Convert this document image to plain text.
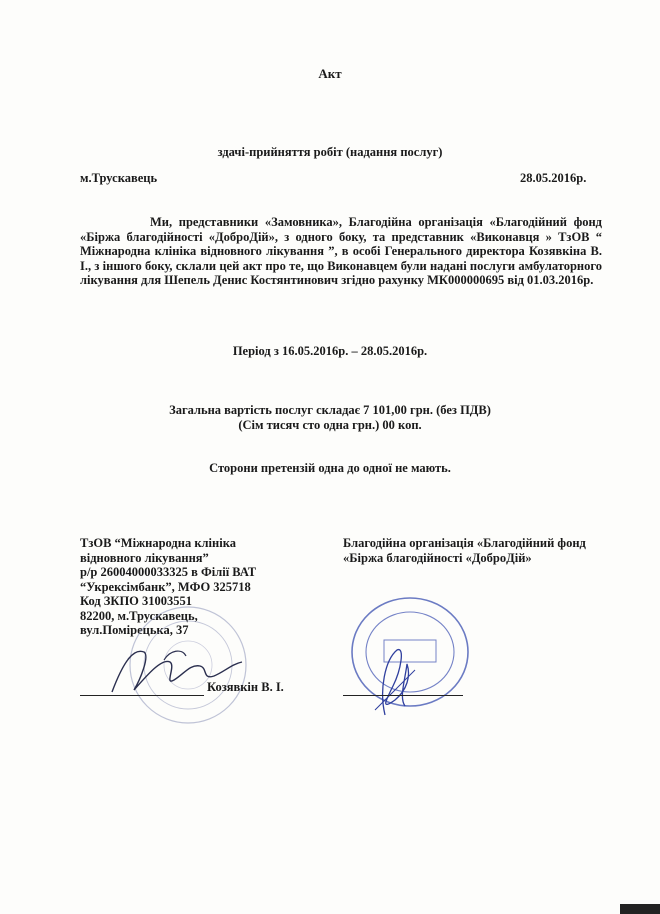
Акт
здачі-прийняття робіт (надання послуг)
м.Трускавець	28.05.2016р.
Ми, представники «Замовника», Благодійна організація «Благодійний фонд «Біржа благодійності «ДоброДій», з одного боку, та представник «Виконавця » ТзОВ “ Міжнародна клініка відновного лікування ”, в особі Генерального директора Козявкіна В. І., з іншого боку, склали цей акт про те, що Виконавцем були надані послуги амбулаторного лікування для Шепель Денис Костянтинович згідно рахунку МК000000695 від 01.03.2016р.
Період з 16.05.2016р. – 28.05.2016р.
Загальна вартість послуг складає 7 101,00 грн. (без ПДВ)
(Сім тисяч сто одна грн.) 00 коп.
Сторони претензій одна до одної не мають.
ТзОВ “Міжнародна клініка
відновного лікування”
р/р 26004000033325 в Філії ВАТ
“Укрексімбанк”, МФО 325718
Код ЗКПО 31003551
82200, м.Трускавець,
вул.Помірецька, 37
Благодійна організація «Благодійний фонд
«Біржа благодійності «ДоброДій»
Козявкін В. І.
